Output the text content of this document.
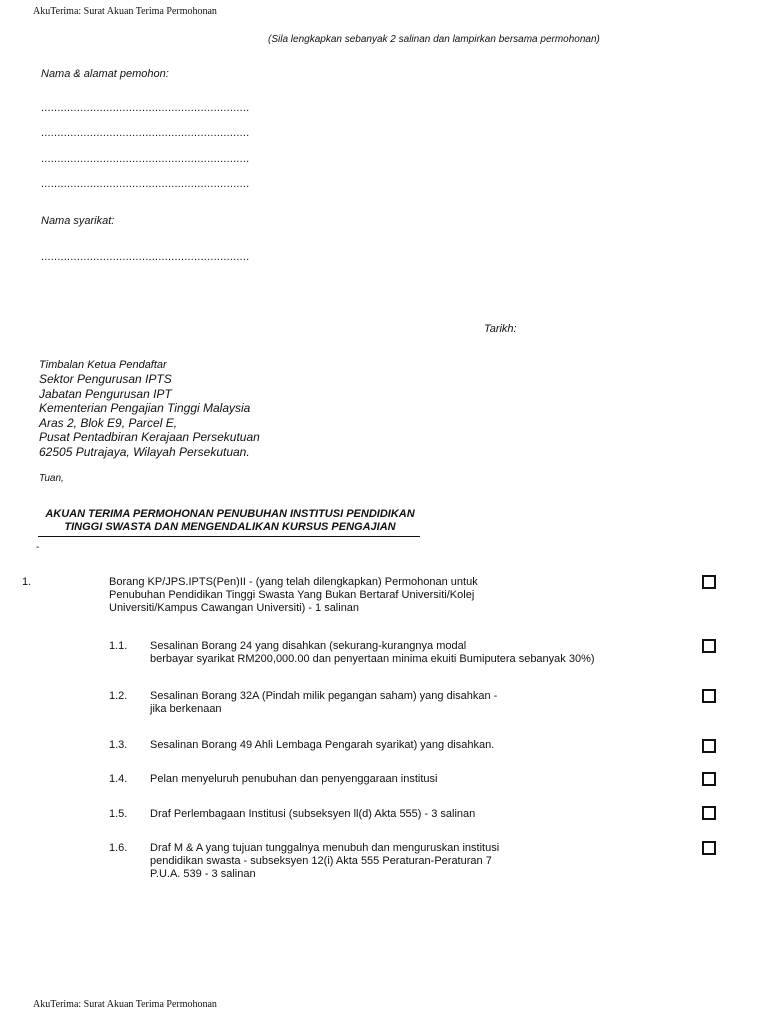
AkuTerima: Surat Akuan Terima Permohonan
(Sila lengkapkan sebanyak 2 salinan dan lampirkan bersama permohonan)
Nama & alamat pemohon:
................................................................
................................................................
................................................................
................................................................
Nama syarikat:
................................................................
Tarikh:
Timbalan Ketua Pendaftar
Sektor Pengurusan IPTS
Jabatan Pengurusan IPT
Kementerian Pengajian Tinggi Malaysia
Aras 2, Blok E9, Parcel E,
Pusat Pentadbiran Kerajaan Persekutuan
62505 Putrajaya, Wilayah Persekutuan.
Tuan,
AKUAN TERIMA PERMOHONAN PENUBUHAN INSTITUSI PENDIDIKAN
TINGGI SWASTA DAN MENGENDALIKAN KURSUS PENGAJIAN
-
1.	Borang KP/JPS.IPTS(Pen)II - (yang telah dilengkapkan) Permohonan untuk
Penubuhan Pendidikan Tinggi Swasta Yang Bukan Bertaraf Universiti/Kolej
Universiti/Kampus Cawangan Universiti) - 1 salinan
1.1. Sesalinan Borang 24 yang disahkan (sekurang-kurangnya modal
berbayar syarikat RM200,000.00 dan penyertaan minima ekuiti Bumiputera sebanyak 30%)
1.2. Sesalinan Borang 32A (Pindah milik pegangan saham) yang disahkan -
jika berkenaan
1.3. Sesalinan Borang 49 Ahli Lembaga Pengarah syarikat) yang disahkan.
1.4. Pelan menyeluruh penubuhan dan penyenggaraan institusi
1.5. Draf Perlembagaan Institusi (subseksyen ll(d) Akta 555) - 3 salinan
1.6. Draf M & A yang tujuan tunggalnya menubuh dan menguruskan institusi
pendidikan swasta - subseksyen 12(i) Akta 555 Peraturan-Peraturan 7
P.U.A. 539 - 3 salinan
AkuTerima: Surat Akuan Terima Permohonan
